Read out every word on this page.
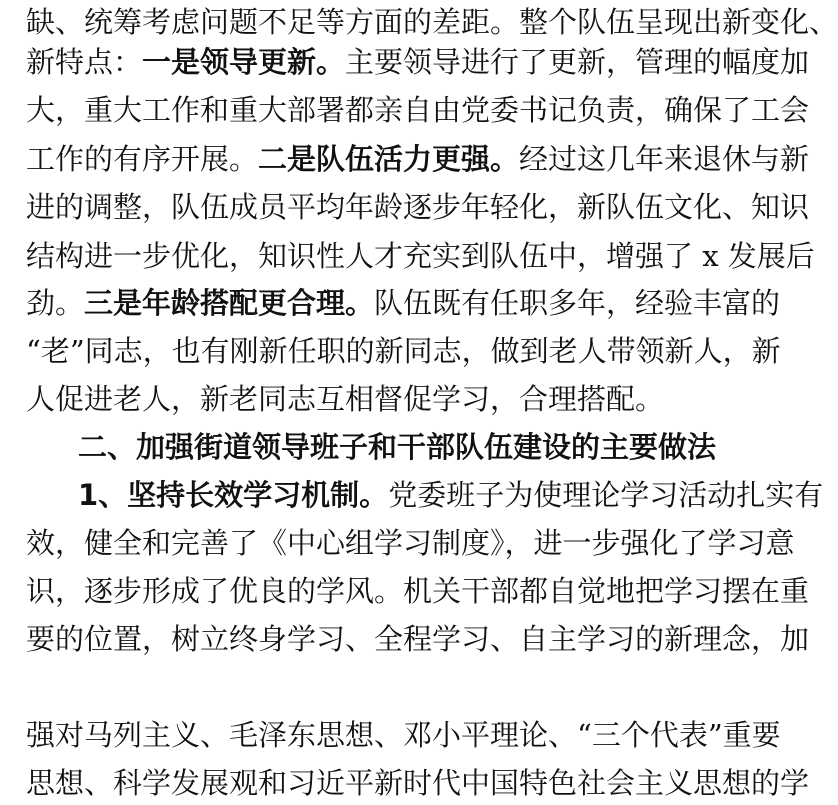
缺、统筹考虑问题不足等方面的差距。整个队伍呈现出新变化、
新特点：一是领导更新。主要领导进行了更新，管理的幅度加
大，重大工作和重大部署都亲自由党委书记负责，确保了工会
工作的有序开展。二是队伍活力更强。经过这几年来退休与新
进的调整，队伍成员平均年龄逐步年轻化，新队伍文化、知识
结构进一步优化，知识性人才充实到队伍中，增强了 x 发展后
劲。三是年龄搭配更合理。队伍既有任职多年，经验丰富的
“老”同志，也有刚新任职的新同志，做到老人带领新人，新
人促进老人，新老同志互相督促学习，合理搭配。
二、加强街道领导班子和干部队伍建设的主要做法
1、坚持长效学习机制。党委班子为使理论学习活动扎实有
效，健全和完善了《中心组学习制度》，进一步强化了学习意
识，逐步形成了优良的学风。机关干部都自觉地把学习摆在重
要的位置，树立终身学习、全程学习、自主学习的新理念，加
强对马列主义、毛泽东思想、邓小平理论、“三个代表”重要
思想、科学发展观和习近平新时代中国特色社会主义思想的学
